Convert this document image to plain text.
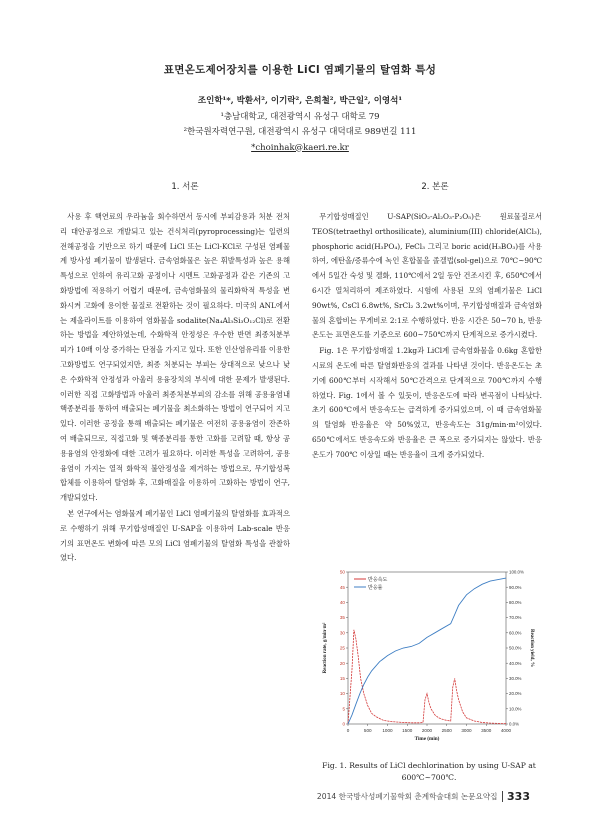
표면온도제어장치를 이용한 LiCl 염폐기물의 탈염화 특성
조인학¹*, 박환서², 이기락², 은희철², 박근일², 이영석¹
¹충남대학교, 대전광역시 유성구 대학로 79
²한국원자력연구원, 대전광역시 유성구 대덕대로 989번길 111
*choinhak@kaeri.re.kr
1. 서론	2. 본론

사용 후 핵연료의 우라늄을 회수하면서 동시에 부피감용과 처분 전처리 대안공정으로 개발되고 있는 건식처리(pyroprocessing)는 일련의 전해공정을 기반으로 하기 때문에 LiCl 또는 LiCl-KCl로 구성된 염폐물계 방사성 폐기물이 발생된다. 금속염화물은 높은 휘발특성과 높은 용해특성으로 인하여 유리고화 공정이나 시멘트 고화공정과 같은 기존의 고화방법에 적용하기 어렵기 때문에, 금속염화물의 물리화학적 특성을 변화시켜 고화에 용이한 물질로 전환하는 것이 필요하다. 미국의 ANL에서는 제올라이트를 이용하여 염화물을 sodalite(Na₄Al₃Si₃O₁₂Cl)로 전환하는 방법을 제안하였는데, 수화학적 안정성은 우수한 반면 최종처분부피가 10배 이상 증가하는 단점을 가지고 있다. 또한 인산염유리를 이용한 고화방법도 연구되었지만, 최종 처분되는 부피는 상대적으로 낮으나 낮은 수화학적 안정성과 아울러 용융장치의 부식에 대한 문제가 발생된다. 이러한 직접 고화방법과 아울러 최종처분부피의 감소를 위해 공용융염내 핵종분리를 통하여 배출되는 폐기물을 최소화하는 방법이 연구되어 지고 있다. 이러한 공정을 통해 배출되는 폐기물은 여전히 공용융염이 잔존하여 배출되므로, 직접고화 및 핵종분리를 통한 고화를 고려할 때, 항상 공용융염의 안정화에 대한 고려가 필요하다. 이러한 특성을 고려하여, 공용융염이 가지는 열적 화학적 불안정성을 제거하는 방법으로, 무기합성복합체를 이용하여 탈염화 후, 고화매질을 이용하여 고화하는 방법이 연구, 개발되었다.

본 연구에서는 염화물계 폐기물인 LiCl 염폐기물의 탈염화를 효과적으로 수행하기 위해 무기합성매질인 U-SAP을 이용하여 Lab-scale 반응기의 표면온도 변화에 따른 모의 LiCl 염폐기물의 탈염화 특성을 관찰하였다.

무기합성매질인 U-SAP(SiO₂-Al₂O₃-P₂O₅)은 원료물질로서 TEOS(tetraethyl orthosilicate), aluminium(III) chloride(AlCl₃), phosphoric acid(H₃PO₄), FeCl₃ 그리고 boric acid(H₃BO₃)를 사용하여, 에탄올/증류수에 녹인 혼합물을 졸겔법(sol-gel)으로 70℃~90℃에서 5일간 숙성 및 겔화, 110℃에서 2일 동안 건조시킨 후, 650℃에서 6시간 열처리하여 제조하였다. 시험에 사용된 모의 염폐기물은 LiCl 90wt%, CsCl 6.8wt%, SrCl₂ 3.2wt%이며, 무기합성매질과 금속염화물의 혼합비는 무게비로 2:1로 수행하였다. 반응 시간은 50~70 h, 반응온도는 표면온도를 기준으로 600~750℃까지 단계적으로 증가시켰다.

Fig. 1은 무기합성매질 1.2kg과 LiCl계 금속염화물을 0.6kg 혼합한 시료의 온도에 따른 탈염화반응의 결과를 나타낸 것이다. 반응온도는 초기에 600℃부터 시작해서 50℃간격으로 단계적으로 700℃까지 수행하였다. Fig. 1에서 볼 수 있듯이, 반응온도에 따라 변곡점이 나타났다. 초기 600℃에서 반응속도는 급격하게 증가되었으며, 이 때 금속염화물의 탈염화 반응율은 약 50%였고, 반응속도는 31g/min·m²이었다. 650℃에서도 반응속도와 반응율은 큰 폭으로 증가되지는 않았다. 반응온도가 700℃ 이상일 때는 반응율이 크게 증가되었다.

0	500 1000 1500 2000 2500 3000 3500 4000
0
5
10
15
20
25
30
35
40
45
50
0.0%
10.0%
20.0%
30.0%
40.0%
50.0%
60.0%
70.0%
80.0%
90.0%
100.0%
Time (min)
Reaction rate, g/min·m²	Reaction yield, %
반응속도
반응률
Fig. 1. Results of LiCl dechlorination by using U-SAP at 600℃~700℃.
2014 한국방사성폐기물학회 춘계학술대회 논문요약집 333
